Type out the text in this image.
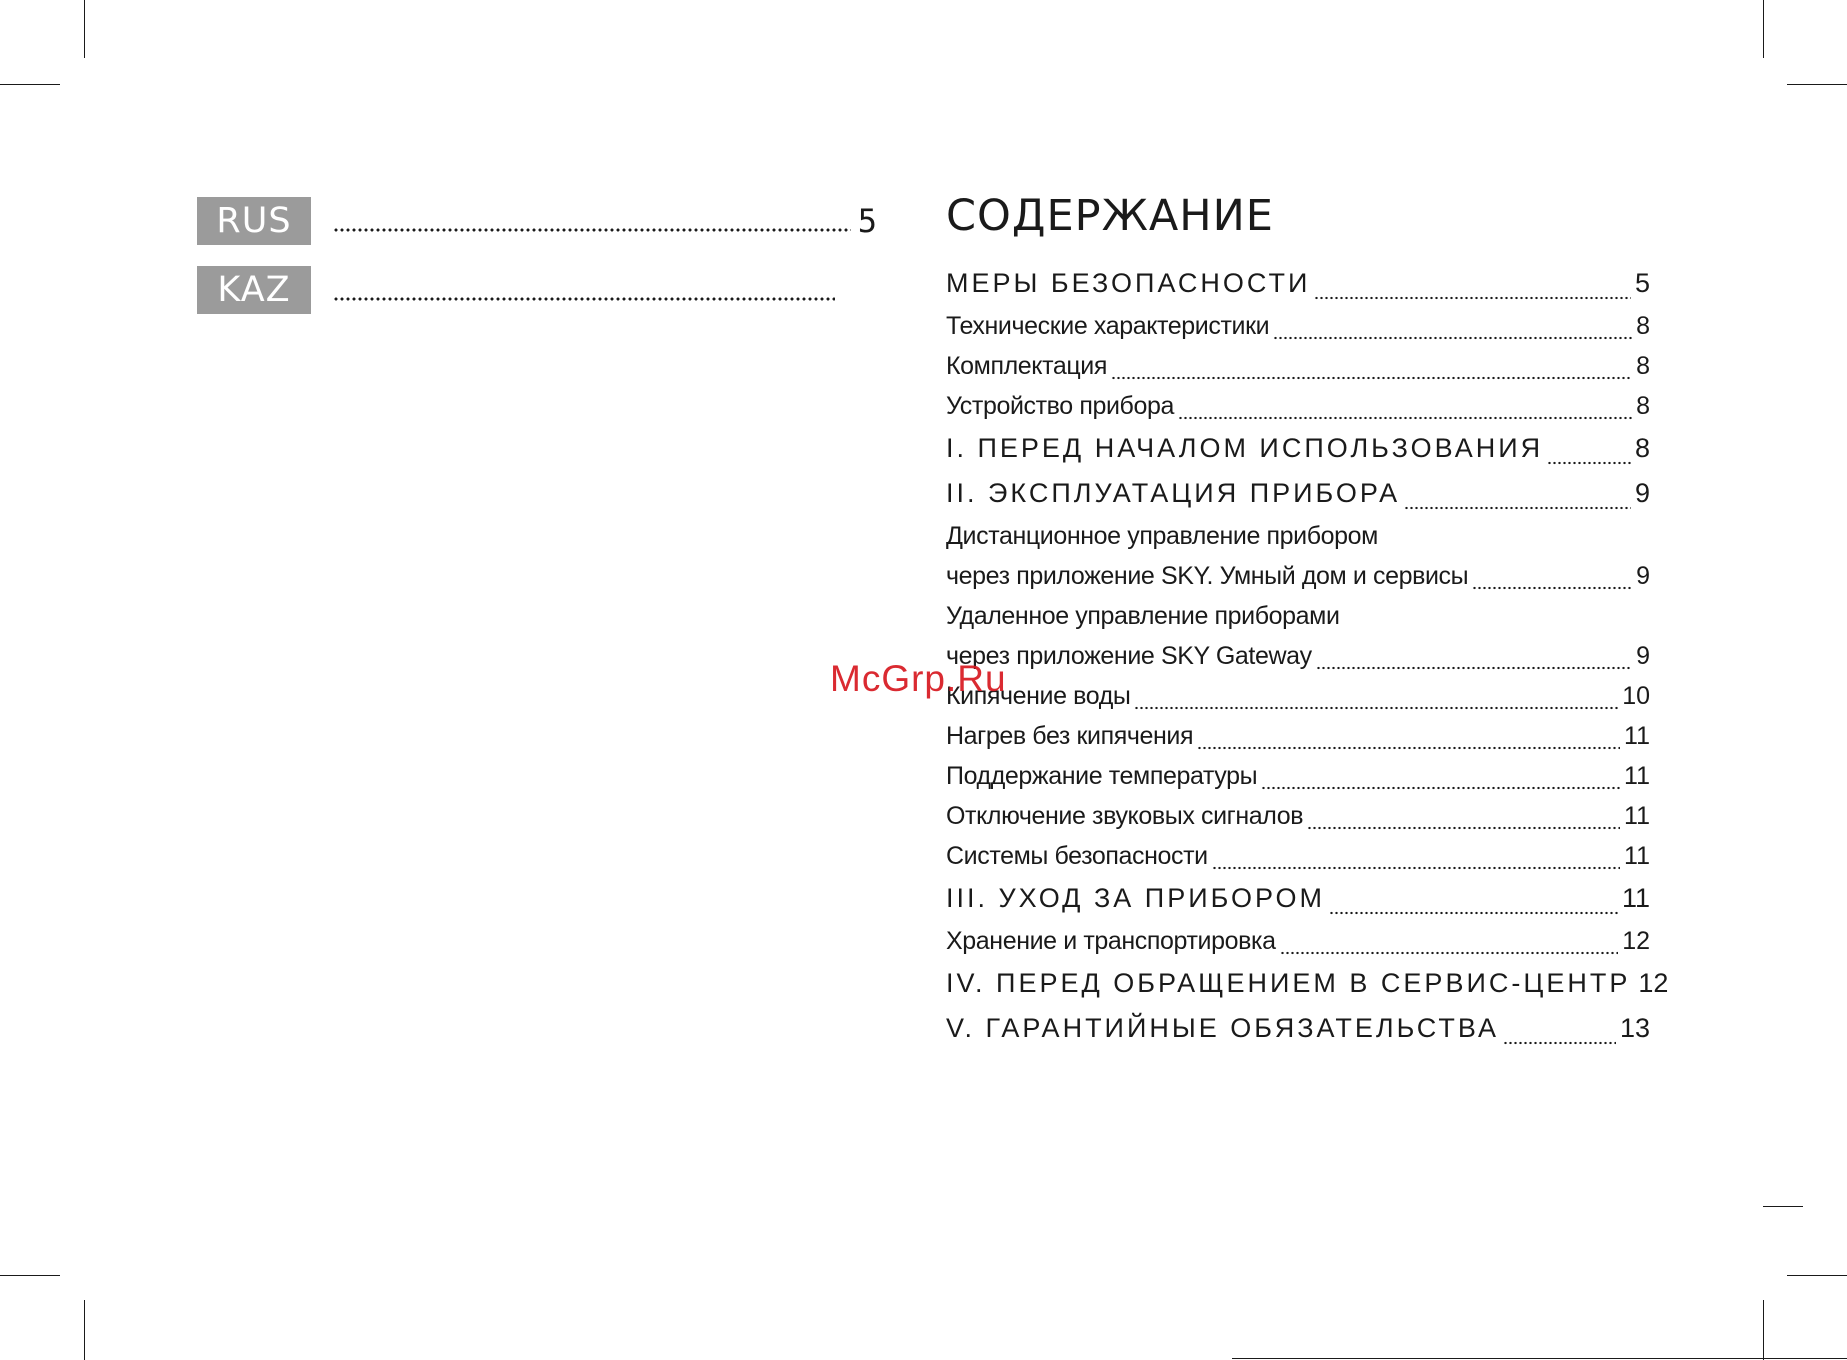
RUS	5
KAZ
СОДЕРЖАНИЕ
МЕРЫ БЕЗОПАСНОСТИ	5
Технические характеристики	8
Комплектация	8
Устройство прибора	8
I. ПЕРЕД НАЧАЛОМ ИСПОЛЬЗОВАНИЯ	8
II. ЭКСПЛУАТАЦИЯ ПРИБОРА	9
Дистанционное управление прибором
через приложение SKY. Умный дом и сервисы	9
Удаленное управление приборами
через приложение SKY Gateway	9
Кипячение воды	10
Нагрев без кипячения	11
Поддержание температуры	11
Отключение звуковых сигналов	11
Системы безопасности	11
III. УХОД ЗА ПРИБОРОМ	11
Хранение и транспортировка	12
IV. ПЕРЕД ОБРАЩЕНИЕМ В СЕРВИС-ЦЕНТР 12
V. ГАРАНТИЙНЫЕ ОБЯЗАТЕЛЬСТВА	13
McGrp.Ru
